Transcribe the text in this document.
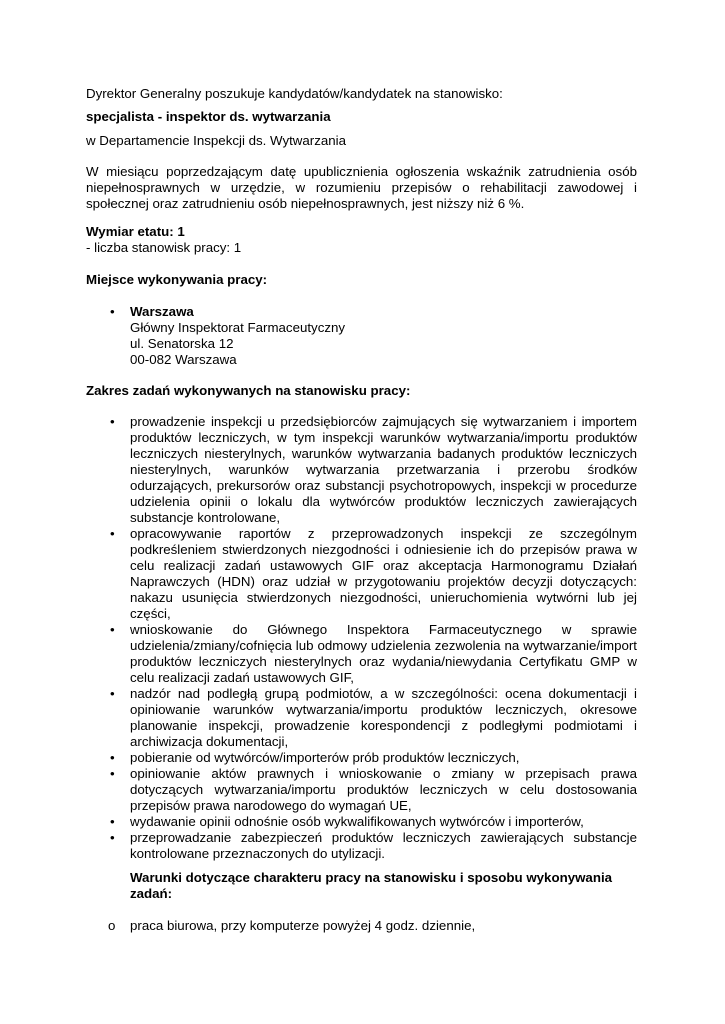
Dyrektor Generalny poszukuje kandydatów/kandydatek na stanowisko:

specjalista - inspektor ds. wytwarzania

w Departamencie Inspekcji ds. Wytwarzania

W miesiącu poprzedzającym datę upublicznienia ogłoszenia wskaźnik zatrudnienia osób niepełnosprawnych w urzędzie, w rozumieniu przepisów o rehabilitacji zawodowej i społecznej oraz zatrudnieniu osób niepełnosprawnych, jest niższy niż 6 %.

Wymiar etatu: 1

- liczba stanowisk pracy: 1

Miejsce wykonywania pracy:

• Warszawa

Główny Inspektorat Farmaceutyczny

ul. Senatorska 12

00-082 Warszawa

Zakres zadań wykonywanych na stanowisku pracy:

• prowadzenie inspekcji u przedsiębiorców zajmujących się wytwarzaniem i importem produktów leczniczych, w tym inspekcji warunków wytwarzania/importu produktów leczniczych niesterylnych, warunków wytwarzania badanych produktów leczniczych niesterylnych, warunków wytwarzania przetwarzania i przerobu środków odurzających, prekursorów oraz substancji psychotropowych, inspekcji w procedurze udzielenia opinii o lokalu dla wytwórców produktów leczniczych zawierających substancje kontrolowane,
• opracowywanie raportów z przeprowadzonych inspekcji ze szczególnym podkreśleniem stwierdzonych niezgodności i odniesienie ich do przepisów prawa w celu realizacji zadań ustawowych GIF oraz akceptacja Harmonogramu Działań Naprawczych (HDN) oraz udział w przygotowaniu projektów decyzji dotyczących: nakazu usunięcia stwierdzonych niezgodności, unieruchomienia wytwórni lub jej części,
• wnioskowanie do Głównego Inspektora Farmaceutycznego w sprawie udzielenia/zmiany/cofnięcia lub odmowy udzielenia zezwolenia na wytwarzanie/import produktów leczniczych niesterylnych oraz wydania/niewydania Certyfikatu GMP w celu realizacji zadań ustawowych GIF,
• nadzór nad podległą grupą podmiotów, a w szczególności: ocena dokumentacji i opiniowanie warunków wytwarzania/importu produktów leczniczych, okresowe planowanie inspekcji, prowadzenie korespondencji z podległymi podmiotami i archiwizacja dokumentacji,
• pobieranie od wytwórców/importerów prób produktów leczniczych,
• opiniowanie aktów prawnych i wnioskowanie o zmiany w przepisach prawa dotyczących wytwarzania/importu produktów leczniczych w celu dostosowania przepisów prawa narodowego do wymagań UE,
• wydawanie opinii odnośnie osób wykwalifikowanych wytwórców i importerów,
• przeprowadzanie zabezpieczeń produktów leczniczych zawierających substancje kontrolowane przeznaczonych do utylizacji.

Warunki dotyczące charakteru pracy na stanowisku i sposobu wykonywania

zadań:

o praca biurowa, przy komputerze powyżej 4 godz. dziennie,
